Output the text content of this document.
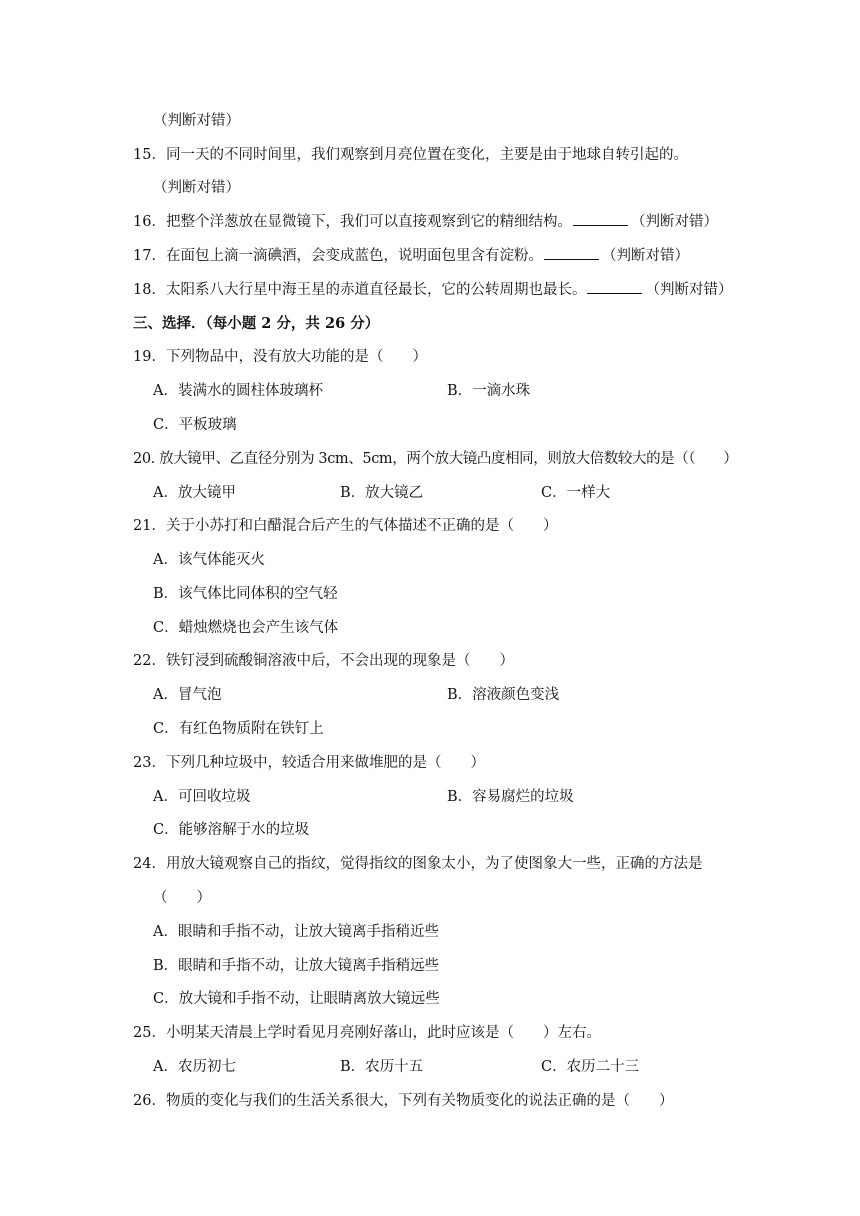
（判断对错）
15．同一天的不同时间里，我们观察到月亮位置在变化，主要是由于地球自转引起的。
（判断对错）
16．把整个洋葱放在显微镜下，我们可以直接观察到它的精细结构。	（判断对错）
17．在面包上滴一滴碘酒，会变成蓝色，说明面包里含有淀粉。	（判断对错）
18．太阳系八大行星中海王星的赤道直径最长，它的公转周期也最长。	（判断对错）
三、选择．（每小题 2 分，共 26 分）
19．下列物品中，没有放大功能的是（　　）
A．装满水的圆柱体玻璃杯	B．一滴水珠
C．平板玻璃
20. 放大镜甲、乙直径分别为 3cm、5cm，两个放大镜凸度相同，则放大倍数较大的是（（　　）
A．放大镜甲	B．放大镜乙	C．一样大
21．关于小苏打和白醋混合后产生的气体描述不正确的是（　　）
A．该气体能灭火
B．该气体比同体积的空气轻
C．蜡烛燃烧也会产生该气体
22．铁钉浸到硫酸铜溶液中后，不会出现的现象是（　　）
A．冒气泡	B．溶液颜色变浅
C．有红色物质附在铁钉上
23．下列几种垃圾中，较适合用来做堆肥的是（　　）
A．可回收垃圾	B．容易腐烂的垃圾
C．能够溶解于水的垃圾
24．用放大镜观察自己的指纹，觉得指纹的图象太小，为了使图象大一些，正确的方法是
（　　）
A．眼睛和手指不动，让放大镜离手指稍近些
B．眼睛和手指不动，让放大镜离手指稍远些
C．放大镜和手指不动，让眼睛离放大镜远些
25．小明某天清晨上学时看见月亮刚好落山，此时应该是（　　）左右。
A．农历初七	B．农历十五	C．农历二十三
26．物质的变化与我们的生活关系很大，下列有关物质变化的说法正确的是（　　）
